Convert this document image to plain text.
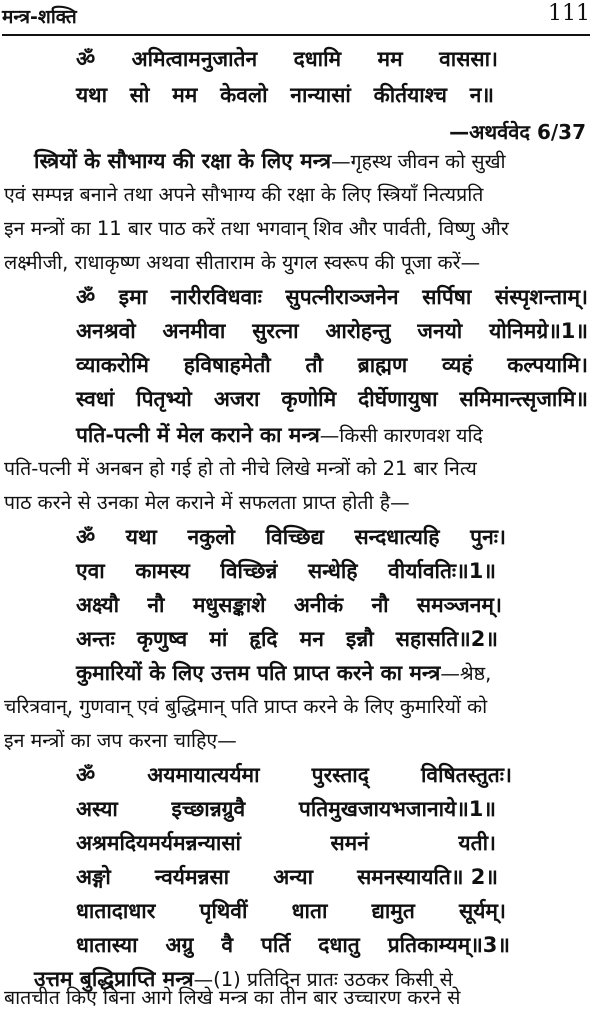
मन्त्र-शक्ति	111
ॐ अमित्वामनुजातेन दधामि मम वाससा।
यथा सो मम केवलो नान्यासां कीर्तयाश्च न॥
—अथर्ववेद 6/37
स्त्रियों के सौभाग्य की रक्षा के लिए मन्त्र—गृहस्थ जीवन को सुखी
एवं सम्पन्न बनाने तथा अपने सौभाग्य की रक्षा के लिए स्त्रियाँ नित्यप्रति
इन मन्त्रों का 11 बार पाठ करें तथा भगवान् शिव और पार्वती, विष्णु और
लक्ष्मीजी, राधाकृष्ण अथवा सीताराम के युगल स्वरूप की पूजा करें—
ॐ इमा नारीरविधवाः सुपत्नीराञ्जनेन सर्पिषा संस्पृशन्ताम्।
अनश्रवो अनमीवा सुरत्ना आरोहन्तु जनयो योनिमग्रे॥1॥
व्याकरोमि हविषाहमेतौ तौ ब्राह्मण व्यहं कल्पयामि।
स्वधां पितृभ्यो अजरा कृणोमि दीर्घेणायुषा समिमान्त्सृजामि॥
पति-पत्नी में मेल कराने का मन्त्र—किसी कारणवश यदि
पति-पत्नी में अनबन हो गई हो तो नीचे लिखे मन्त्रों को 21 बार नित्य
पाठ करने से उनका मेल कराने में सफलता प्राप्त होती है—
ॐ यथा नकुलो विच्छिद्य सन्दधात्यहि पुनः।
एवा कामस्य विच्छिन्नं सन्धेहि वीर्यावतिः॥1॥
अक्ष्यौ नौ मधुसङ्काशे अनीकं नौ समञ्जनम्।
अन्तः कृणुष्व मां हृदि मन इन्नौ सहासति॥2॥
कुमारियों के लिए उत्तम पति प्राप्त करने का मन्त्र—श्रेष्ठ,
चरित्रवान्, गुणवान् एवं बुद्धिमान् पति प्राप्त करने के लिए कुमारियों को
इन मन्त्रों का जप करना चाहिए—
ॐ अयमायात्यर्यमा पुरस्ताद् विषितस्तुतः।
अस्या	इच्छान्नग्रुवै	पतिमुखजायभजानाये॥1॥
अश्रमदियमर्यमन्नन्यासां	समनं	यती।
अङ्गो न्वर्यमन्नसा अन्या समनस्यायति॥ 2॥
धातादाधार पृथिवीं धाता द्यामुत सूर्यम्।
धातास्या अग्रु वै पर्ति दधातु प्रतिकाम्यम्॥3॥
उत्तम बुद्धिप्राप्ति मन्त्र—(1) प्रतिदिन प्रातः उठकर किसी से
बातचीत किए बिना आगे लिखे मन्त्र का तीन बार उच्चारण करने से
